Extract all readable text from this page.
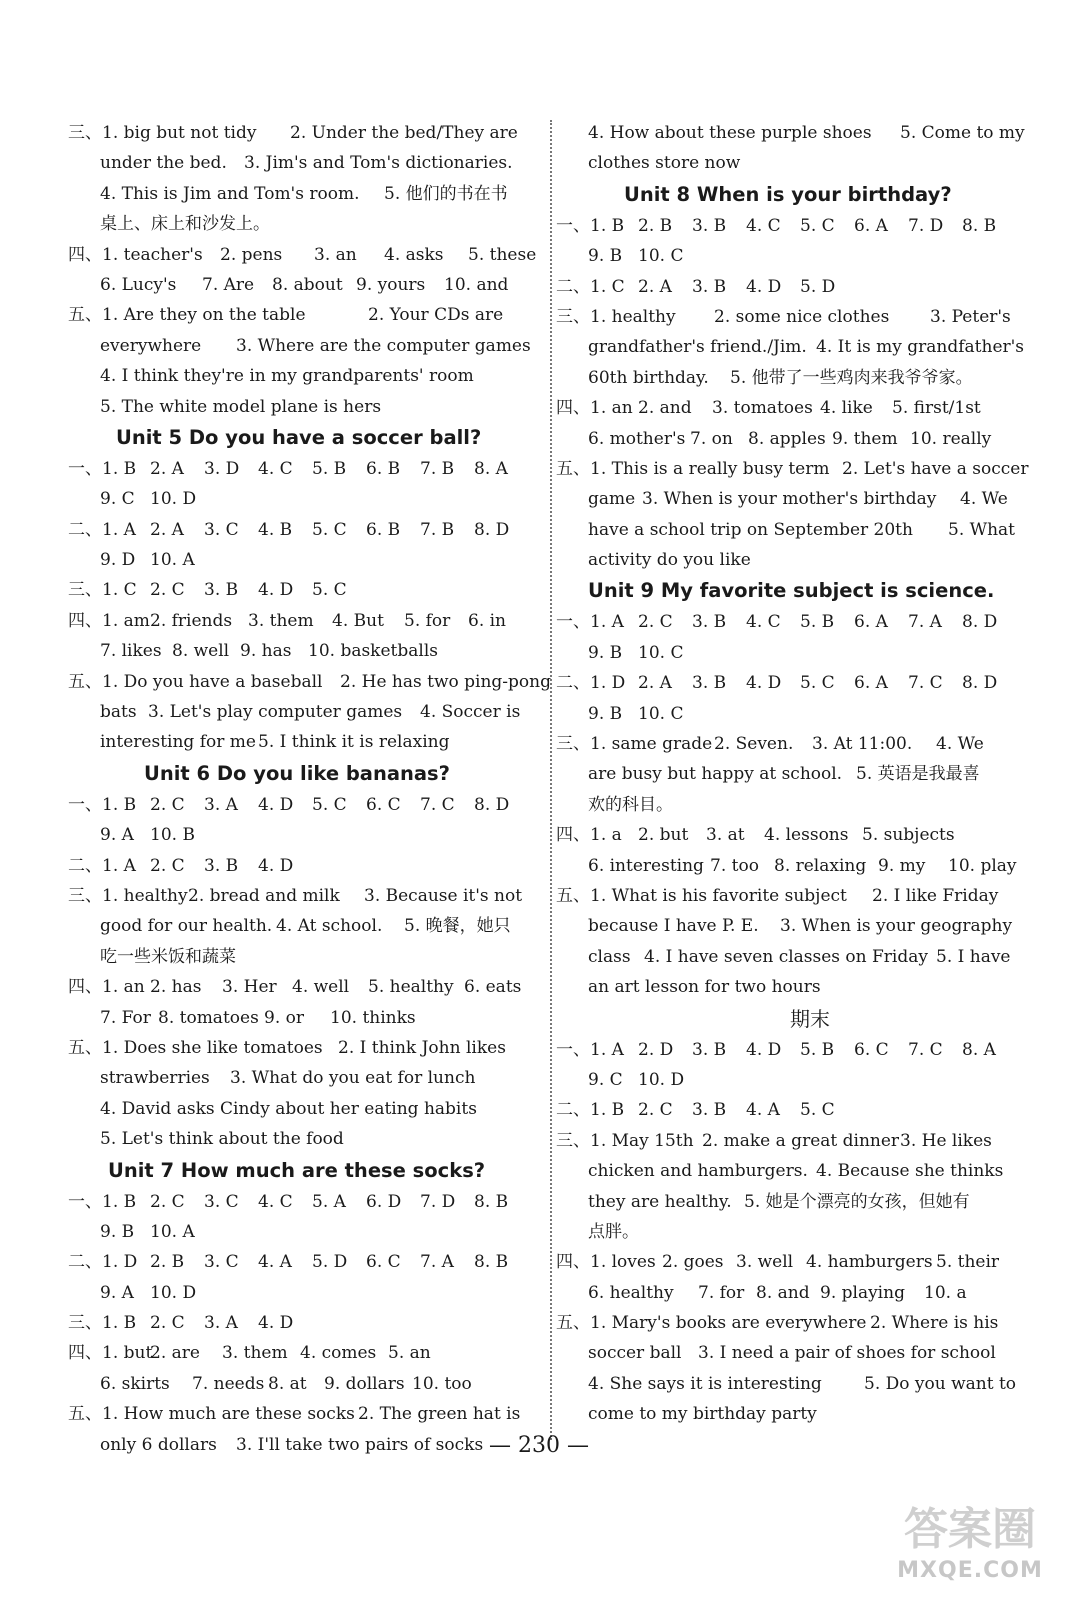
三、1. big but not tidy 2. Under the bed/They are
under the bed. 3. Jim's and Tom's dictionaries.
4. This is Jim and Tom's room. 5. 他们的书在书
桌上、床上和沙发上。
四、1. teacher's 2. pens 3. an 4. asks 5. these
6. Lucy's 7. Are 8. about 9. yours 10. and
五、1. Are they on the table	2. Your CDs are
everywhere 3. Where are the computer games
4. I think they're in my grandparents' room
5. The white model plane is hers
Unit 5 Do you have a soccer ball?
一、1. B 2. A 3. D 4. C 5. B 6. B 7. B 8. A
9. C 10. D
二、1. A 2. A 3. C 4. B 5. C 6. B 7. B 8. D
9. D 10. A
三、1. C 2. C 3. B 4. D 5. C
四、1. am 2. friends 3. them 4. But 5. for 6. in
7. likes 8. well 9. has 10. basketballs
五、1. Do you have a baseball 2. He has two ping-pong
bats 3. Let's play computer games 4. Soccer is
interesting for me 5. I think it is relaxing
Unit 6 Do you like bananas?
一、1. B 2. C 3. A 4. D 5. C 6. C 7. C 8. D
9. A 10. B
二、1. A 2. C 3. B 4. D
三、1. healthy 2. bread and milk 3. Because it's not
good for our health. 4. At school. 5. 晚餐，她只
吃一些米饭和蔬菜
四、1. an 2. has 3. Her 4. well 5. healthy 6. eats
7. For 8. tomatoes 9. or 10. thinks
五、1. Does she like tomatoes 2. I think John likes
strawberries 3. What do you eat for lunch
4. David asks Cindy about her eating habits
5. Let's think about the food
Unit 7 How much are these socks?
一、1. B 2. C 3. C 4. C 5. A 6. D 7. D 8. B
9. B 10. A
二、1. D 2. B 3. C 4. A 5. D 6. C 7. A 8. B
9. A 10. D
三、1. B 2. C 3. A 4. D
四、1. but
2. are 3. them 4. comes 5. an
6. skirts 7. needs 8. at 9. dollars 10. too
五、1. How much are these socks 2. The green hat is
only 6 dollars 3. I'll take two pairs of socks
4. How about these purple shoes 5. Come to my
clothes store now
Unit 8 When is your birthday?
一、1. B 2. B 3. B 4. C 5. C 6. A 7. D 8. B
9. B 10. C
二、1. C 2. A 3. B 4. D 5. D
三、1. healthy 2. some nice clothes 3. Peter's
grandfather's friend./Jim. 4. It is my grandfather's
60th birthday. 5. 他带了一些鸡肉来我爷爷家。
四、1. an 2. and 3. tomatoes 4. like 5. first/1st
6. mother's 7. on 8. apples 9. them 10. really
五、1. This is a really busy term 2. Let's have a soccer
game 3. When is your mother's birthday 4. We
have a school trip on September 20th 5. What
activity do you like
Unit 9 My favorite subject is science.
一、1. A 2. C 3. B 4. C 5. B 6. A 7. A 8. D
9. B 10. C
二、1. D 2. A 3. B 4. D 5. C 6. A 7. C 8. D
9. B 10. C
三、1. same grade 2. Seven. 3. At 11:00. 4. We
are busy but happy at school. 5. 英语是我最喜
欢的科目。
四、1. a 2. but 3. at 4. lessons 5. subjects
6. interesting 7. too 8. relaxing 9. my 10. play
五、1. What is his favorite subject 2. I like Friday
because I have P. E. 3. When is your geography
class 4. I have seven classes on Friday 5. I have
an art lesson for two hours
期末
一、1. A 2. D 3. B 4. D 5. B 6. C 7. C 8. A
9. C 10. D
二、1. B 2. C 3. B 4. A 5. C
三、1. May 15th 2. make a great dinner 3. He likes
chicken and hamburgers. 4. Because she thinks
they are healthy. 5. 她是个漂亮的女孩，但她有
点胖。
四、1. loves 2. goes 3. well 4. hamburgers 5. their
6. healthy 7. for 8. and 9. playing 10. a
五、1. Mary's books are everywhere 2. Where is his
soccer ball 3. I need a pair of shoes for school
4. She says it is interesting 5. Do you want to
come to my birthday party
— 230 —
答案圈
MXQE.COM
